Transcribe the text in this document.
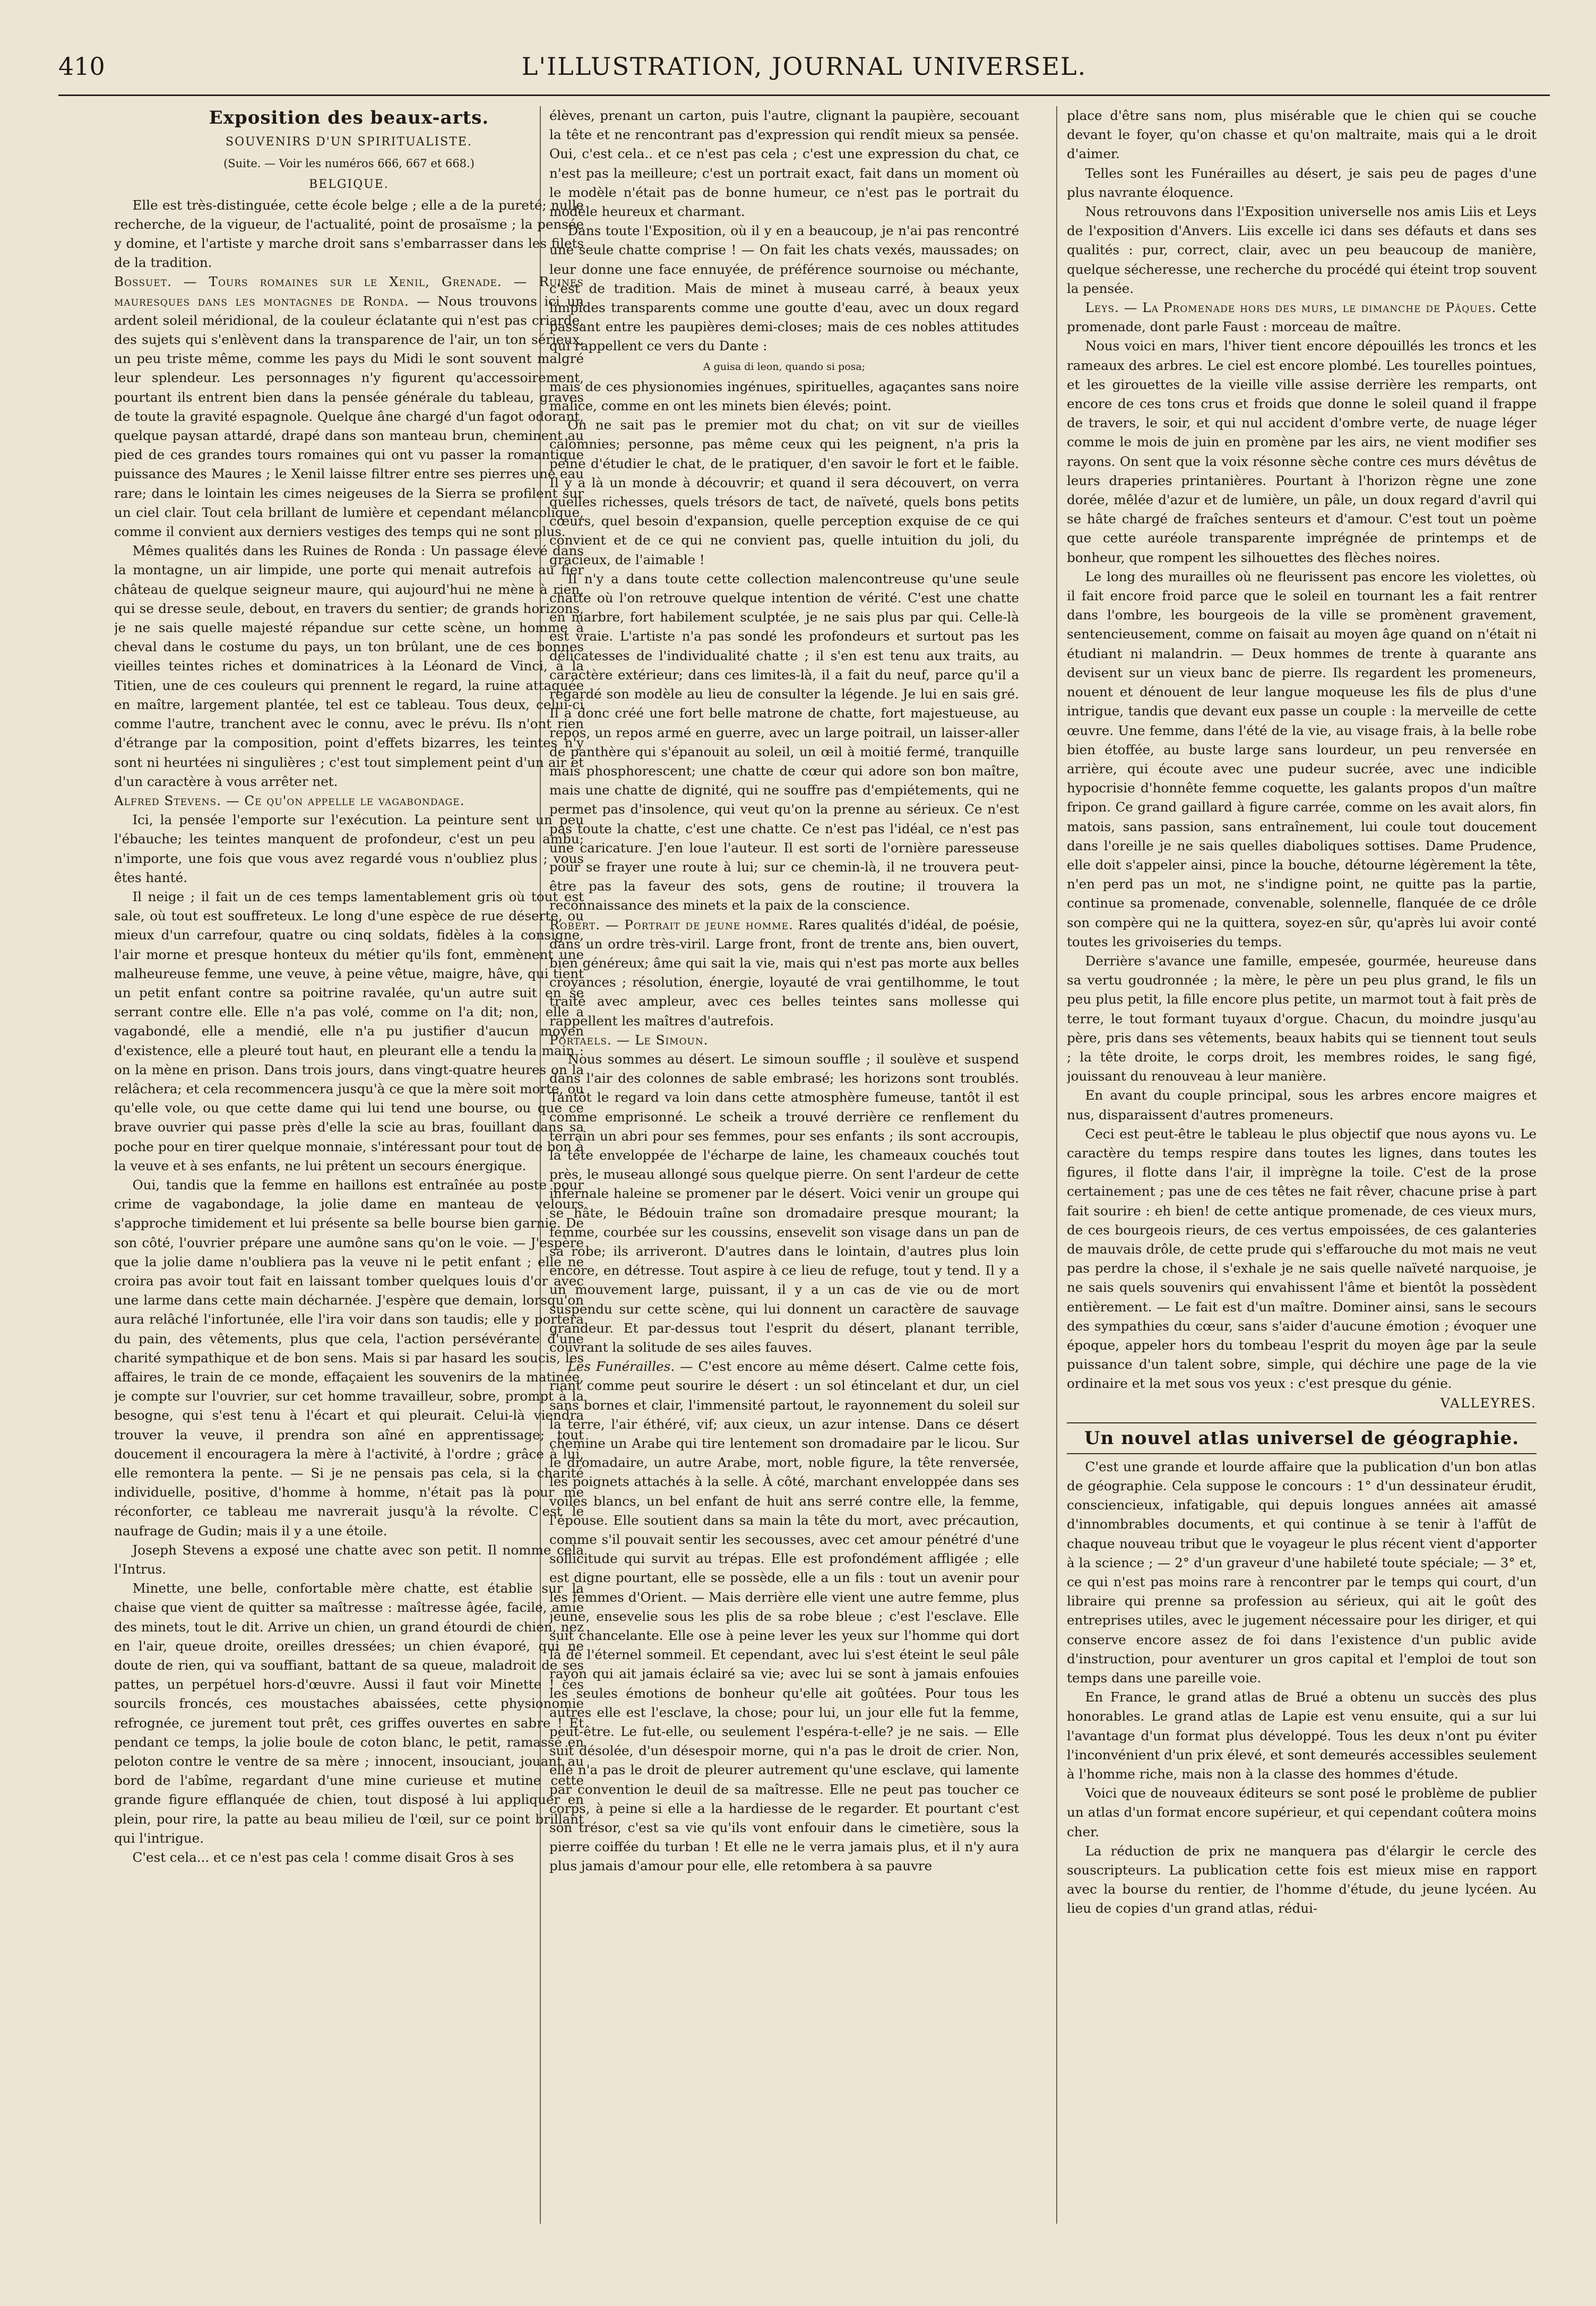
410	L'ILLUSTRATION, JOURNAL UNIVERSEL.
Exposition des beaux-arts.
SOUVENIRS D'UN SPIRITUALISTE.
(Suite. — Voir les numéros 666, 667 et 668.)
BELGIQUE.

Elle est très-distinguée, cette école belge ; elle a de la pureté; nulle recherche, de la vigueur, de l'actualité, point de prosaïsme ; la pensée y domine, et l'artiste y marche droit sans s'embarrasser dans les filets de la tradition.

Bossuet. — Tours romaines sur le Xenil, Grenade. — Ruines mauresques dans les montagnes de Ronda. — Nous trouvons ici un ardent soleil méridional, de la couleur éclatante qui n'est pas criarde, des sujets qui s'enlèvent dans la transparence de l'air, un ton sérieux, un peu triste même, comme les pays du Midi le sont souvent malgré leur splendeur. Les personnages n'y figurent qu'accessoirement, pourtant ils entrent bien dans la pensée générale du tableau, graves de toute la gravité espagnole. Quelque âne chargé d'un fagot odorant, quelque paysan attardé, drapé dans son manteau brun, cheminent au pied de ces grandes tours romaines qui ont vu passer la romantique puissance des Maures ; le Xenil laisse filtrer entre ses pierres une eau rare; dans le lointain les cimes neigeuses de la Sierra se profilent sur un ciel clair. Tout cela brillant de lumière et cependant mélancolique, comme il convient aux derniers vestiges des temps qui ne sont plus.

Mêmes qualités dans les Ruines de Ronda : Un passage élevé dans la montagne, un air limpide, une porte qui menait autrefois au fier château de quelque seigneur maure, qui aujourd'hui ne mène à rien, qui se dresse seule, debout, en travers du sentier; de grands horizons, je ne sais quelle majesté répandue sur cette scène, un homme à cheval dans le costume du pays, un ton brûlant, une de ces bonnes vieilles teintes riches et dominatrices à la Léonard de Vinci, à la Titien, une de ces couleurs qui prennent le regard, la ruine attaquée en maître, largement plantée, tel est ce tableau. Tous deux, celui-ci comme l'autre, tranchent avec le connu, avec le prévu. Ils n'ont rien d'étrange par la composition, point d'effets bizarres, les teintes n'y sont ni heurtées ni singulières ; c'est tout simplement peint d'un air et d'un caractère à vous arrêter net.

Alfred Stevens. — Ce qu'on appelle le vagabondage.

Ici, la pensée l'emporte sur l'exécution. La peinture sent un peu l'ébauche; les teintes manquent de profondeur, c'est un peu ambu; n'importe, une fois que vous avez regardé vous n'oubliez plus ; vous êtes hanté.

Il neige ; il fait un de ces temps lamentablement gris où tout est sale, où tout est souffreteux. Le long d'une espèce de rue déserte, ou mieux d'un carrefour, quatre ou cinq soldats, fidèles à la consigne, l'air morne et presque honteux du métier qu'ils font, emmènent une malheureuse femme, une veuve, à peine vêtue, maigre, hâve, qui tient un petit enfant contre sa poitrine ravalée, qu'un autre suit en se serrant contre elle. Elle n'a pas volé, comme on l'a dit; non, elle a vagabondé, elle a mendié, elle n'a pu justifier d'aucun moyen d'existence, elle a pleuré tout haut, en pleurant elle a tendu la main : on la mène en prison. Dans trois jours, dans vingt-quatre heures on la relâchera; et cela recommencera jusqu'à ce que la mère soit morte, ou qu'elle vole, ou que cette dame qui lui tend une bourse, ou que ce brave ouvrier qui passe près d'elle la scie au bras, fouillant dans sa poche pour en tirer quelque monnaie, s'intéressant pour tout de bon à la veuve et à ses enfants, ne lui prêtent un secours énergique.

Oui, tandis que la femme en haillons est entraînée au poste pour crime de vagabondage, la jolie dame en manteau de velours s'approche timidement et lui présente sa belle bourse bien garnie. De son côté, l'ouvrier prépare une aumône sans qu'on le voie. — J'espère que la jolie dame n'oubliera pas la veuve ni le petit enfant ; elle ne croira pas avoir tout fait en laissant tomber quelques louis d'or avec une larme dans cette main décharnée. J'espère que demain, lorsqu'on aura relâché l'infortunée, elle l'ira voir dans son taudis; elle y portera du pain, des vêtements, plus que cela, l'action persévérante d'une charité sympathique et de bon sens. Mais si par hasard les soucis, les affaires, le train de ce monde, effaçaient les souvenirs de la matinée, je compte sur l'ouvrier, sur cet homme travailleur, sobre, prompt à la besogne, qui s'est tenu à l'écart et qui pleurait. Celui-là viendra trouver la veuve, il prendra son aîné en apprentissage; tout doucement il encouragera la mère à l'activité, à l'ordre ; grâce à lui, elle remontera la pente. — Si je ne pensais pas cela, si la charité individuelle, positive, d'homme à homme, n'était pas là pour me réconforter, ce tableau me navrerait jusqu'à la révolte. C'est le naufrage de Gudin; mais il y a une étoile.

Joseph Stevens a exposé une chatte avec son petit. Il nomme cela l'Intrus.

Minette, une belle, confortable mère chatte, est établie sur la chaise que vient de quitter sa maîtresse : maîtresse âgée, facile, amie des minets, tout le dit. Arrive un chien, un grand étourdi de chien, nez en l'air, queue droite, oreilles dressées; un chien évaporé, qui ne doute de rien, qui va souffiant, battant de sa queue, maladroit de ses pattes, un perpétuel hors-d'œuvre. Aussi il faut voir Minette ! ces sourcils froncés, ces moustaches abaissées, cette physionomie refrognée, ce jurement tout prêt, ces griffes ouvertes en sabre ! Et pendant ce temps, la jolie boule de coton blanc, le petit, ramassé en peloton contre le ventre de sa mère ; innocent, insouciant, jouant au bord de l'abîme, regardant d'une mine curieuse et mutine cette grande figure efflanquée de chien, tout disposé à lui appliquer en plein, pour rire, la patte au beau milieu de l'œil, sur ce point brillant qui l'intrigue.

C'est cela... et ce n'est pas cela ! comme disait Gros à ses

élèves, prenant un carton, puis l'autre, clignant la paupière, secouant la tête et ne rencontrant pas d'expression qui rendît mieux sa pensée. Oui, c'est cela.. et ce n'est pas cela ; c'est une expression du chat, ce n'est pas la meilleure; c'est un portrait exact, fait dans un moment où le modèle n'était pas de bonne humeur, ce n'est pas le portrait du modèle heureux et charmant.

Dans toute l'Exposition, où il y en a beaucoup, je n'ai pas rencontré une seule chatte comprise ! — On fait les chats vexés, maussades; on leur donne une face ennuyée, de préférence sournoise ou méchante, c'est de tradition. Mais de minet à museau carré, à beaux yeux limpides transparents comme une goutte d'eau, avec un doux regard passant entre les paupières demi-closes; mais de ces nobles attitudes qui rappellent ce vers du Dante :

A guisa di leon, quando si posa;

mais de ces physionomies ingénues, spirituelles, agaçantes sans noire malice, comme en ont les minets bien élevés; point.

On ne sait pas le premier mot du chat; on vit sur de vieilles calomnies; personne, pas même ceux qui les peignent, n'a pris la peine d'étudier le chat, de le pratiquer, d'en savoir le fort et le faible. Il y a là un monde à découvrir; et quand il sera découvert, on verra quelles richesses, quels trésors de tact, de naïveté, quels bons petits cœurs, quel besoin d'expansion, quelle perception exquise de ce qui convient et de ce qui ne convient pas, quelle intuition du joli, du gracieux, de l'aimable !

Il n'y a dans toute cette collection malencontreuse qu'une seule chatte où l'on retrouve quelque intention de vérité. C'est une chatte en marbre, fort habilement sculptée, je ne sais plus par qui. Celle-là est vraie. L'artiste n'a pas sondé les profondeurs et surtout pas les délicatesses de l'individualité chatte ; il s'en est tenu aux traits, au caractère extérieur; dans ces limites-là, il a fait du neuf, parce qu'il a regardé son modèle au lieu de consulter la légende. Je lui en sais gré. Il a donc créé une fort belle matrone de chatte, fort majestueuse, au repos, un repos armé en guerre, avec un large poitrail, un laisser-aller de panthère qui s'épanouit au soleil, un œil à moitié fermé, tranquille mais phosphorescent; une chatte de cœur qui adore son bon maître, mais une chatte de dignité, qui ne souffre pas d'empiétements, qui ne permet pas d'insolence, qui veut qu'on la prenne au sérieux. Ce n'est pas toute la chatte, c'est une chatte. Ce n'est pas l'idéal, ce n'est pas une caricature. J'en loue l'auteur. Il est sorti de l'ornière paresseuse pour se frayer une route à lui; sur ce chemin-là, il ne trouvera peut-être pas la faveur des sots, gens de routine; il trouvera la reconnaissance des minets et la paix de la conscience.

Robert. — Portrait de jeune homme. Rares qualités d'idéal, de poésie, dans un ordre très-viril. Large front, front de trente ans, bien ouvert, bien généreux; âme qui sait la vie, mais qui n'est pas morte aux belles croyances ; résolution, énergie, loyauté de vrai gentilhomme, le tout traité avec ampleur, avec ces belles teintes sans mollesse qui rappellent les maîtres d'autrefois.

Portaels. — Le Simoun.

Nous sommes au désert. Le simoun souffle ; il soulève et suspend dans l'air des colonnes de sable embrasé; les horizons sont troublés. Tantôt le regard va loin dans cette atmosphère fumeuse, tantôt il est comme emprisonné. Le scheik a trouvé derrière ce renflement du terrain un abri pour ses femmes, pour ses enfants ; ils sont accroupis, la tête enveloppée de l'écharpe de laine, les chameaux couchés tout près, le museau allongé sous quelque pierre. On sent l'ardeur de cette infernale haleine se promener par le désert. Voici venir un groupe qui se hâte, le Bédouin traîne son dromadaire presque mourant; la femme, courbée sur les coussins, ensevelit son visage dans un pan de sa robe; ils arriveront. D'autres dans le lointain, d'autres plus loin encore, en détresse. Tout aspire à ce lieu de refuge, tout y tend. Il y a un mouvement large, puissant, il y a un cas de vie ou de mort suspendu sur cette scène, qui lui donnent un caractère de sauvage grandeur. Et par-dessus tout l'esprit du désert, planant terrible, couvrant la solitude de ses ailes fauves.

Les Funérailles. — C'est encore au même désert. Calme cette fois, riant comme peut sourire le désert : un sol étincelant et dur, un ciel sans bornes et clair, l'immensité partout, le rayonnement du soleil sur la terre, l'air éthéré, vif; aux cieux, un azur intense. Dans ce désert chemine un Arabe qui tire lentement son dromadaire par le licou. Sur le dromadaire, un autre Arabe, mort, noble figure, la tête renversée, les poignets attachés à la selle. À côté, marchant enveloppée dans ses voiles blancs, un bel enfant de huit ans serré contre elle, la femme, l'épouse. Elle soutient dans sa main la tête du mort, avec précaution, comme s'il pouvait sentir les secousses, avec cet amour pénétré d'une sollicitude qui survit au trépas. Elle est profondément affligée ; elle est digne pourtant, elle se possède, elle a un fils : tout un avenir pour les femmes d'Orient. — Mais derrière elle vient une autre femme, plus jeune, ensevelie sous les plis de sa robe bleue ; c'est l'esclave. Elle suit chancelante. Elle ose à peine lever les yeux sur l'homme qui dort là de l'éternel sommeil. Et cependant, avec lui s'est éteint le seul pâle rayon qui ait jamais éclairé sa vie; avec lui se sont à jamais enfouies les seules émotions de bonheur qu'elle ait goûtées. Pour tous les autres elle est l'esclave, la chose; pour lui, un jour elle fut la femme, peut-être. Le fut-elle, ou seulement l'espéra-t-elle? je ne sais. — Elle suit désolée, d'un désespoir morne, qui n'a pas le droit de crier. Non, elle n'a pas le droit de pleurer autrement qu'une esclave, qui lamente par convention le deuil de sa maîtresse. Elle ne peut pas toucher ce corps, à peine si elle a la hardiesse de le regarder. Et pourtant c'est son trésor, c'est sa vie qu'ils vont enfouir dans le cimetière, sous la pierre coiffée du turban ! Et elle ne le verra jamais plus, et il n'y aura plus jamais d'amour pour elle, elle retombera à sa pauvre

place d'être sans nom, plus misérable que le chien qui se couche devant le foyer, qu'on chasse et qu'on maltraite, mais qui a le droit d'aimer.

Telles sont les Funérailles au désert, je sais peu de pages d'une plus navrante éloquence.

Nous retrouvons dans l'Exposition universelle nos amis Liis et Leys de l'exposition d'Anvers. Liis excelle ici dans ses défauts et dans ses qualités : pur, correct, clair, avec un peu beaucoup de manière, quelque sécheresse, une recherche du procédé qui éteint trop souvent la pensée.

Leys. — La Promenade hors des murs, le dimanche de Pâques. Cette promenade, dont parle Faust : morceau de maître.

Nous voici en mars, l'hiver tient encore dépouillés les troncs et les rameaux des arbres. Le ciel est encore plombé. Les tourelles pointues, et les girouettes de la vieille ville assise derrière les remparts, ont encore de ces tons crus et froids que donne le soleil quand il frappe de travers, le soir, et qui nul accident d'ombre verte, de nuage léger comme le mois de juin en promène par les airs, ne vient modifier ses rayons. On sent que la voix résonne sèche contre ces murs dévêtus de leurs draperies printanières. Pourtant à l'horizon règne une zone dorée, mêlée d'azur et de lumière, un pâle, un doux regard d'avril qui se hâte chargé de fraîches senteurs et d'amour. C'est tout un poème que cette auréole transparente imprégnée de printemps et de bonheur, que rompent les silhouettes des flèches noires.

Le long des murailles où ne fleurissent pas encore les violettes, où il fait encore froid parce que le soleil en tournant les a fait rentrer dans l'ombre, les bourgeois de la ville se promènent gravement, sentencieusement, comme on faisait au moyen âge quand on n'était ni étudiant ni malandrin. — Deux hommes de trente à quarante ans devisent sur un vieux banc de pierre. Ils regardent les promeneurs, nouent et dénouent de leur langue moqueuse les fils de plus d'une intrigue, tandis que devant eux passe un couple : la merveille de cette œuvre. Une femme, dans l'été de la vie, au visage frais, à la belle robe bien étoffée, au buste large sans lourdeur, un peu renversée en arrière, qui écoute avec une pudeur sucrée, avec une indicible hypocrisie d'honnête femme coquette, les galants propos d'un maître fripon. Ce grand gaillard à figure carrée, comme on les avait alors, fin matois, sans passion, sans entraînement, lui coule tout doucement dans l'oreille je ne sais quelles diaboliques sottises. Dame Prudence, elle doit s'appeler ainsi, pince la bouche, détourne légèrement la tête, n'en perd pas un mot, ne s'indigne point, ne quitte pas la partie, continue sa promenade, convenable, solennelle, flanquée de ce drôle son compère qui ne la quittera, soyez-en sûr, qu'après lui avoir conté toutes les grivoiseries du temps.

Derrière s'avance une famille, empesée, gourmée, heureuse dans sa vertu goudronnée ; la mère, le père un peu plus grand, le fils un peu plus petit, la fille encore plus petite, un marmot tout à fait près de terre, le tout formant tuyaux d'orgue. Chacun, du moindre jusqu'au père, pris dans ses vêtements, beaux habits qui se tiennent tout seuls ; la tête droite, le corps droit, les membres roides, le sang figé, jouissant du renouveau à leur manière.

En avant du couple principal, sous les arbres encore maigres et nus, disparaissent d'autres promeneurs.

Ceci est peut-être le tableau le plus objectif que nous ayons vu. Le caractère du temps respire dans toutes les lignes, dans toutes les figures, il flotte dans l'air, il imprègne la toile. C'est de la prose certainement ; pas une de ces têtes ne fait rêver, chacune prise à part fait sourire : eh bien! de cette antique promenade, de ces vieux murs, de ces bourgeois rieurs, de ces vertus empoissées, de ces galanteries de mauvais drôle, de cette prude qui s'effarouche du mot mais ne veut pas perdre la chose, il s'exhale je ne sais quelle naïveté narquoise, je ne sais quels souvenirs qui envahissent l'âme et bientôt la possèdent entièrement. — Le fait est d'un maître. Dominer ainsi, sans le secours des sympathies du cœur, sans s'aider d'aucune émotion ; évoquer une époque, appeler hors du tombeau l'esprit du moyen âge par la seule puissance d'un talent sobre, simple, qui déchire une page de la vie ordinaire et la met sous vos yeux : c'est presque du génie.

VALLEYRES.
Un nouvel atlas universel de géographie.

C'est une grande et lourde affaire que la publication d'un bon atlas de géographie. Cela suppose le concours : 1° d'un dessinateur érudit, consciencieux, infatigable, qui depuis longues années ait amassé d'innombrables documents, et qui continue à se tenir à l'affût de chaque nouveau tribut que le voyageur le plus récent vient d'apporter à la science ; — 2° d'un graveur d'une habileté toute spéciale; — 3° et, ce qui n'est pas moins rare à rencontrer par le temps qui court, d'un libraire qui prenne sa profession au sérieux, qui ait le goût des entreprises utiles, avec le jugement nécessaire pour les diriger, et qui conserve encore assez de foi dans l'existence d'un public avide d'instruction, pour aventurer un gros capital et l'emploi de tout son temps dans une pareille voie.

En France, le grand atlas de Brué a obtenu un succès des plus honorables. Le grand atlas de Lapie est venu ensuite, qui a sur lui l'avantage d'un format plus développé. Tous les deux n'ont pu éviter l'inconvénient d'un prix élevé, et sont demeurés accessibles seulement à l'homme riche, mais non à la classe des hommes d'étude.

Voici que de nouveaux éditeurs se sont posé le problème de publier un atlas d'un format encore supérieur, et qui cependant coûtera moins cher.

La réduction de prix ne manquera pas d'élargir le cercle des souscripteurs. La publication cette fois est mieux mise en rapport avec la bourse du rentier, de l'homme d'étude, du jeune lycéen. Au lieu de copies d'un grand atlas, rédui-
